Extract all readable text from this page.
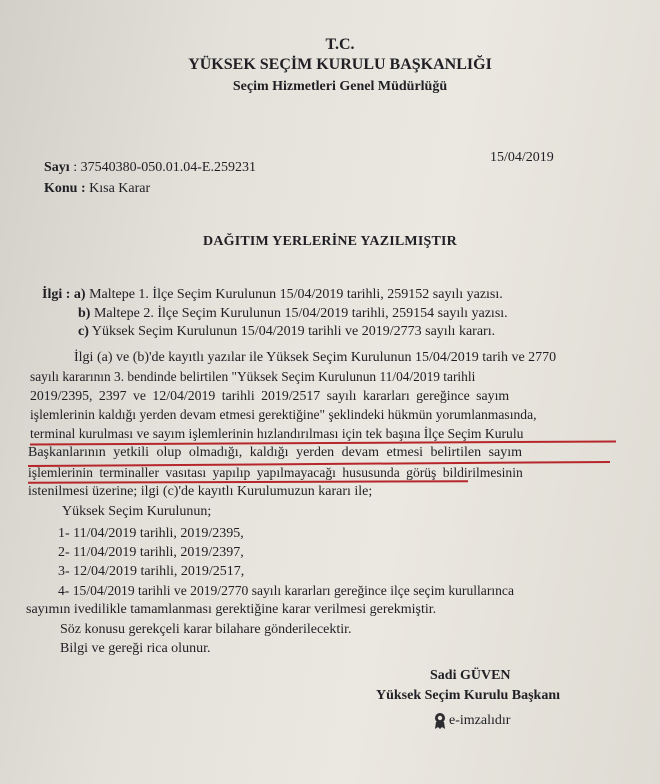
T.C.
YÜKSEK SEÇİM KURULU BAŞKANLIĞI
Seçim Hizmetleri Genel Müdürlüğü
Sayı : 37540380-050.01.04-E.259231
15/04/2019
Konu : Kısa Karar
DAĞITIM YERLERİNE YAZILMIŞTIR
İlgi : a) Maltepe 1. İlçe Seçim Kurulunun 15/04/2019 tarihli, 259152 sayılı yazısı.
b) Maltepe 2. İlçe Seçim Kurulunun 15/04/2019 tarihli, 259154 sayılı yazısı.
c) Yüksek Seçim Kurulunun 15/04/2019 tarihli ve 2019/2773 sayılı kararı.
İlgi (a) ve (b)'de kayıtlı yazılar ile Yüksek Seçim Kurulunun 15/04/2019 tarih ve 2770
sayılı kararının 3. bendinde belirtilen "Yüksek Seçim Kurulunun 11/04/2019 tarihli
2019/2395, 2397 ve 12/04/2019 tarihli 2019/2517 sayılı kararları gereğince sayım
işlemlerinin kaldığı yerden devam etmesi gerektiğine" şeklindeki hükmün yorumlanmasında,
terminal kurulması ve sayım işlemlerinin hızlandırılması için tek başına İlçe Seçim Kurulu
Başkanlarının yetkili olup olmadığı, kaldığı yerden devam etmesi belirtilen sayım
işlemlerinin terminaller vasıtası yapılıp yapılmayacağı hususunda görüş bildirilmesinin
istenilmesi üzerine; ilgi (c)'de kayıtlı Kurulumuzun kararı ile;
Yüksek Seçim Kurulunun;
1- 11/04/2019 tarihli, 2019/2395,
2- 11/04/2019 tarihli, 2019/2397,
3- 12/04/2019 tarihli, 2019/2517,
4- 15/04/2019 tarihli ve 2019/2770 sayılı kararları gereğince ilçe seçim kurullarınca
sayımın ivedilikle tamamlanması gerektiğine karar verilmesi gerekmiştir.
Söz konusu gerekçeli karar bilahare gönderilecektir.
Bilgi ve gereği rica olunur.
Sadi GÜVEN
Yüksek Seçim Kurulu Başkanı
e-imzalıdır
